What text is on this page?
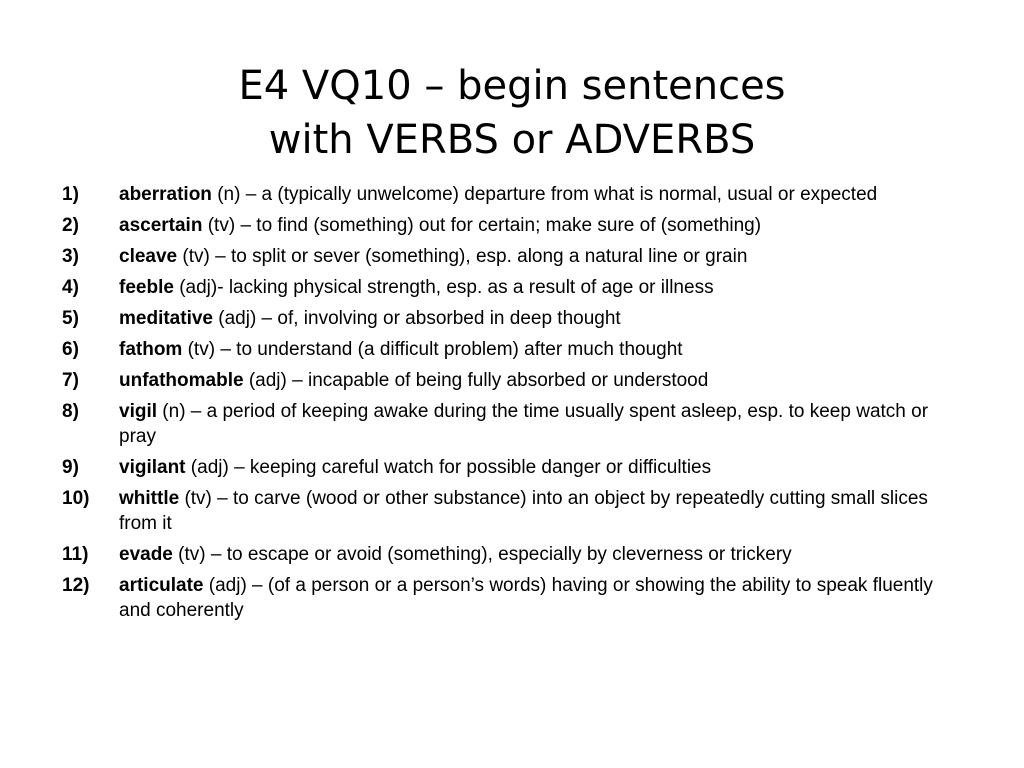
E4 VQ10 – begin sentences
with VERBS or ADVERBS
1)	aberration (n) – a (typically unwelcome) departure from what is normal, usual or expected
2)	ascertain (tv) – to find (something) out for certain; make sure of (something)
3)	cleave (tv) – to split or sever (something), esp. along a natural line or grain
4)	feeble (adj)- lacking physical strength, esp. as a result of age or illness
5)	meditative (adj) – of, involving or absorbed in deep thought
6)	fathom (tv) – to understand (a difficult problem) after much thought
7)	unfathomable (adj) – incapable of being fully absorbed or understood
8)	vigil (n) – a period of keeping awake during the time usually spent asleep, esp. to keep watch or pray
9)	vigilant (adj) – keeping careful watch for possible danger or difficulties
10)	whittle (tv) – to carve (wood or other substance) into an object by repeatedly cutting small slices from it
11)	evade (tv) – to escape or avoid (something), especially by cleverness or trickery
12)	articulate (adj) – (of a person or a person’s words) having or showing the ability to speak fluently and coherently
